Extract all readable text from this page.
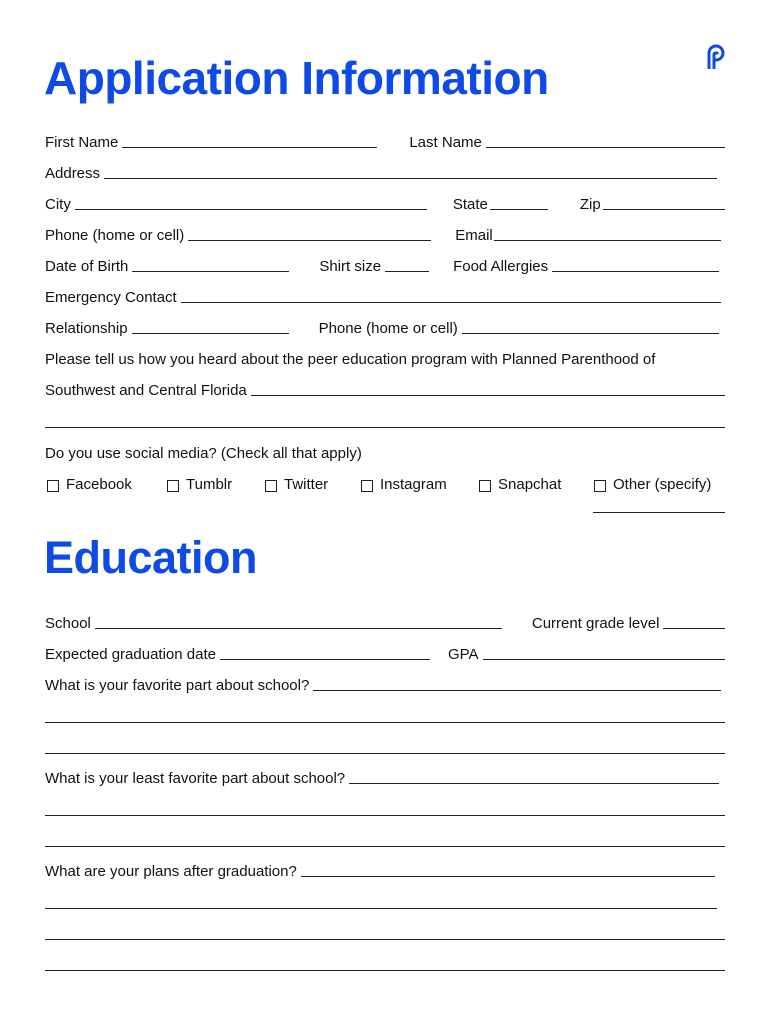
Application Information
First Name	Last Name
Address
City	State	Zip
Phone (home or cell)	Email
Date of Birth	Shirt size	Food Allergies
Emergency Contact
Relationship	Phone (home or cell)
Please tell us how you heard about the peer education program with Planned Parenthood of
Southwest and Central Florida
Do you use social media? (Check all that apply)
Facebook	Tumblr	Twitter	Instagram	Snapchat	Other (specify)
Education
School	Current grade level
Expected graduation date	GPA
What is your favorite part about school?
What is your least favorite part about school?
What are your plans after graduation?
